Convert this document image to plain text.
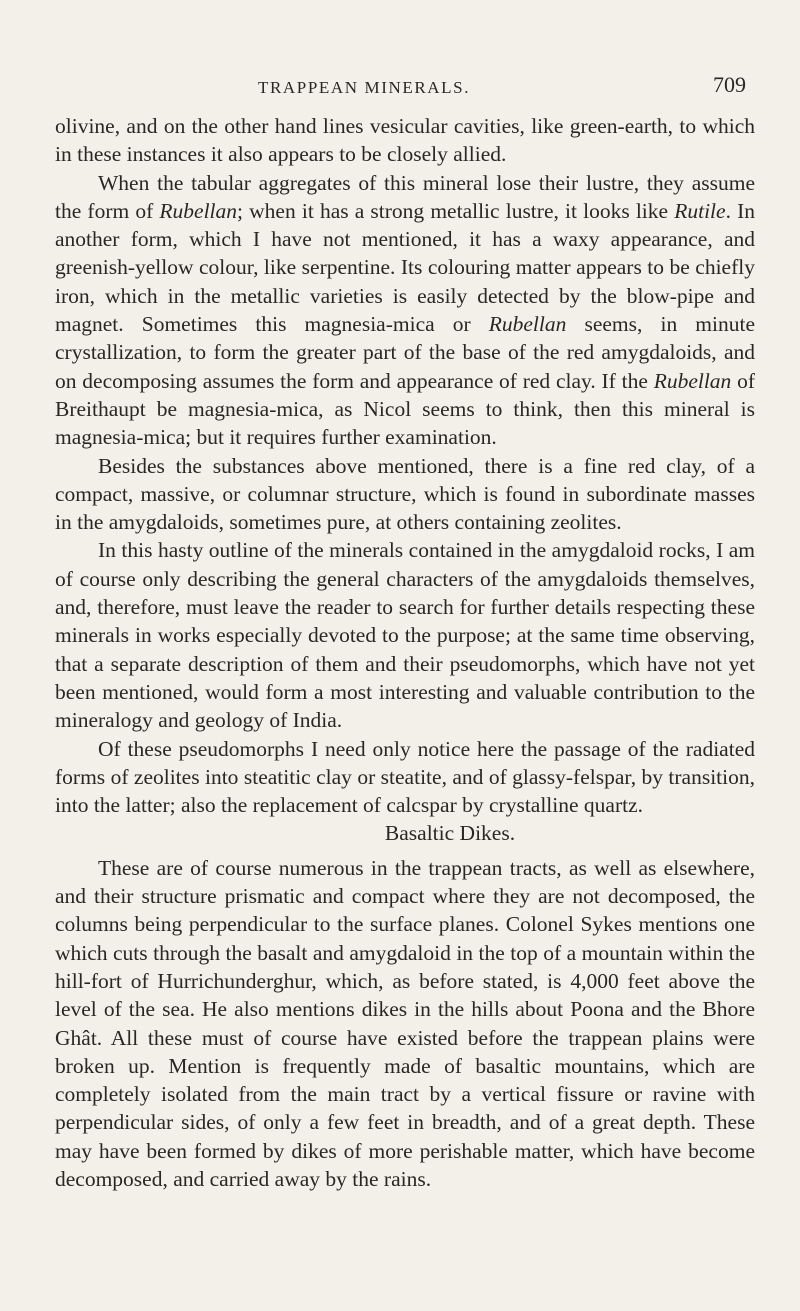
TRAPPEAN MINERALS.	709

olivine, and on the other hand lines vesicular cavities, like green-earth, to which in these instances it also appears to be closely allied.

When the tabular aggregates of this mineral lose their lustre, they assume the form of Rubellan; when it has a strong metallic lustre, it looks like Rutile. In another form, which I have not mentioned, it has a waxy appearance, and greenish-yellow colour, like serpentine. Its colouring matter appears to be chiefly iron, which in the metallic varieties is easily detected by the blow-pipe and magnet. Sometimes this magnesia-mica or Rubellan seems, in minute crystallization, to form the greater part of the base of the red amygdaloids, and on decomposing assumes the form and appearance of red clay. If the Rubellan of Breithaupt be magnesia-mica, as Nicol seems to think, then this mineral is magnesia-mica; but it requires further examination.

Besides the substances above mentioned, there is a fine red clay, of a compact, massive, or columnar structure, which is found in subordinate masses in the amygdaloids, sometimes pure, at others containing zeolites.

In this hasty outline of the minerals contained in the amygdaloid rocks, I am of course only describing the general characters of the amygdaloids themselves, and, therefore, must leave the reader to search for further details respecting these minerals in works especially devoted to the purpose; at the same time observing, that a separate description of them and their pseudomorphs, which have not yet been mentioned, would form a most interesting and valuable contribution to the mineralogy and geology of India.

Of these pseudomorphs I need only notice here the passage of the radiated forms of zeolites into steatitic clay or steatite, and of glassy-felspar, by transition, into the latter; also the replacement of calcspar by crystalline quartz.

Basaltic Dikes.

These are of course numerous in the trappean tracts, as well as elsewhere, and their structure prismatic and compact where they are not decomposed, the columns being perpendicular to the surface planes. Colonel Sykes mentions one which cuts through the basalt and amygdaloid in the top of a mountain within the hill-fort of Hurrichunderghur, which, as before stated, is 4,000 feet above the level of the sea. He also mentions dikes in the hills about Poona and the Bhore Ghât. All these must of course have existed before the trappean plains were broken up. Mention is frequently made of basaltic mountains, which are completely isolated from the main tract by a vertical fissure or ravine with perpendicular sides, of only a few feet in breadth, and of a great depth. These may have been formed by dikes of more perishable matter, which have become decomposed, and carried away by the rains.
